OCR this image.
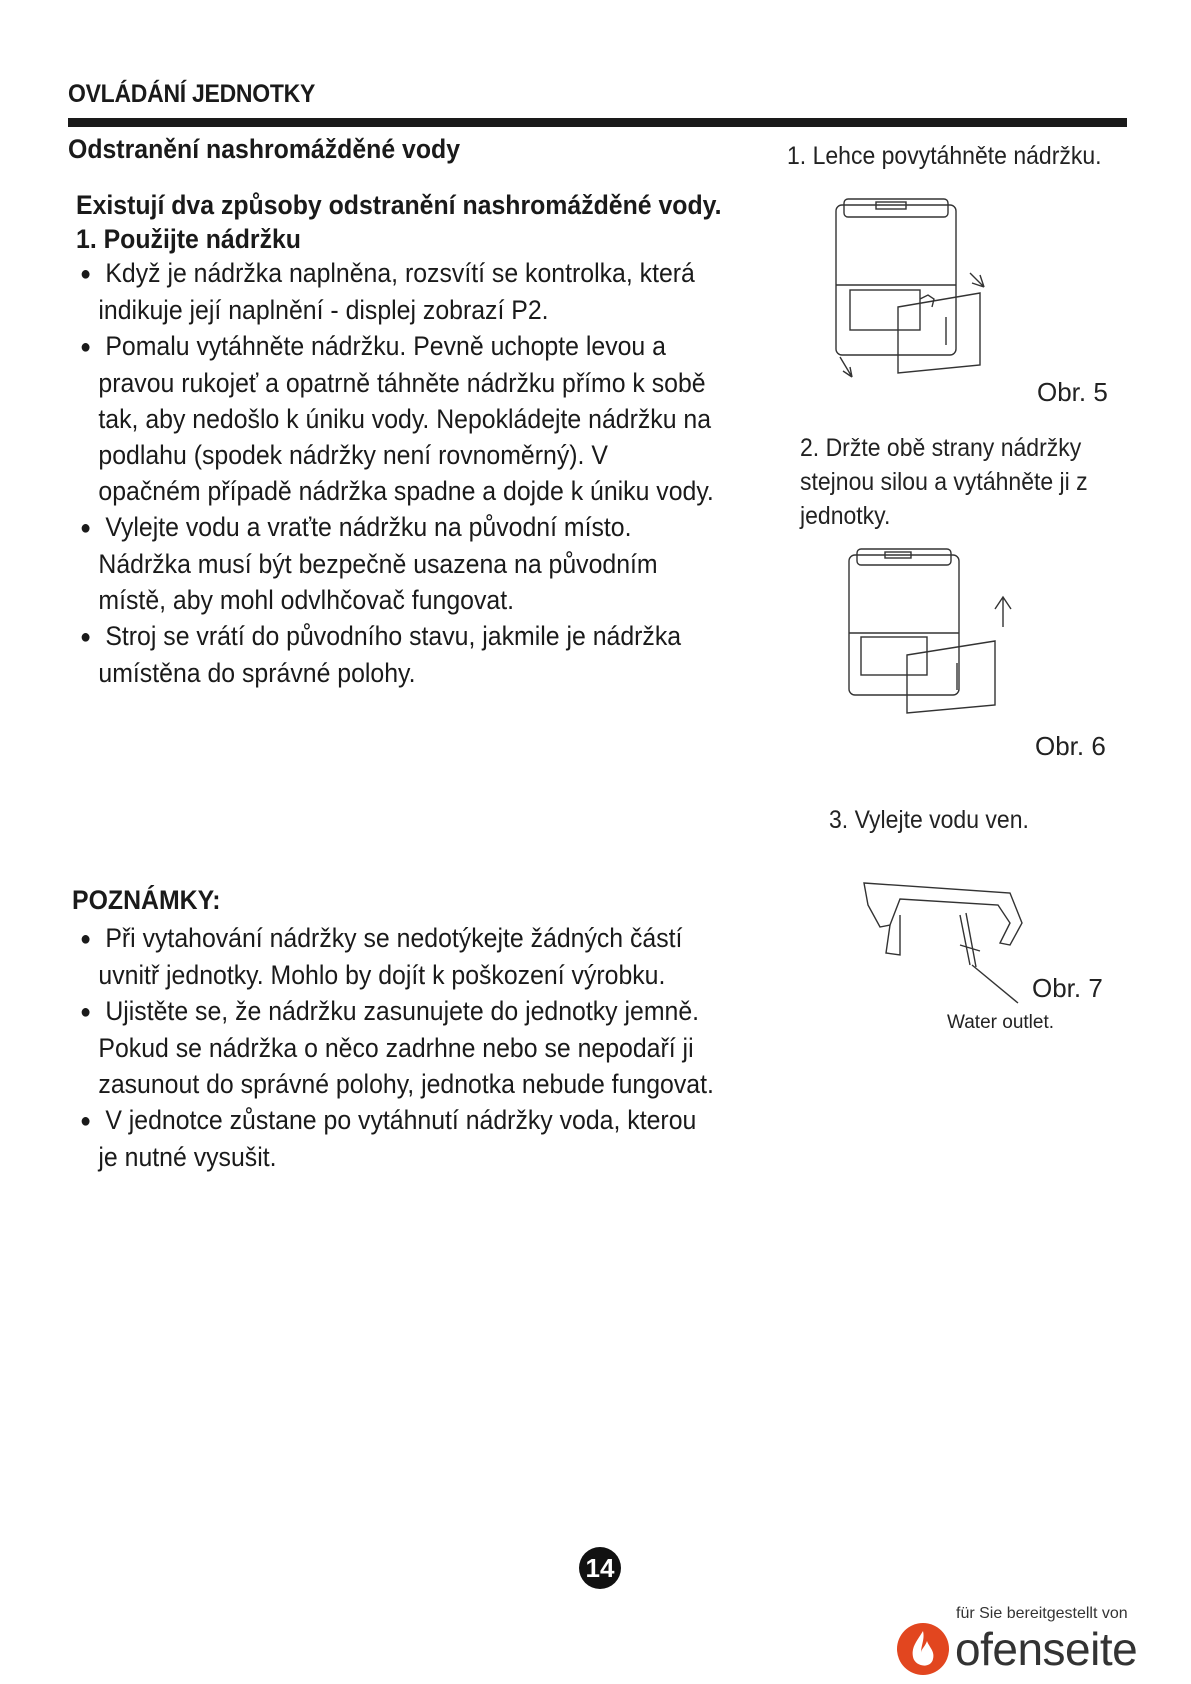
OVLÁDÁNÍ JEDNOTKY
Odstranění nashromážděné vody
Existují dva způsoby odstranění nashromážděné vody.
1. Použijte nádržku
● Když je nádržka naplněna, rozsvítí se kontrolka, která indikuje její naplnění - displej zobrazí P2.
● Pomalu vytáhněte nádržku. Pevně uchopte levou a pravou rukojeť a opatrně táhněte nádržku přímo k sobě tak, aby nedošlo k úniku vody. Nepokládejte nádržku na podlahu (spodek nádržky není rovnoměrný). V opačném případě nádržka spadne a dojde k úniku vody.
● Vylejte vodu a vraťte nádržku na původní místo. Nádržka musí být bezpečně usazena na původním místě, aby mohl odvlhčovač fungovat.
● Stroj se vrátí do původního stavu, jakmile je nádržka umístěna do správné polohy.
POZNÁMKY:
● Při vytahování nádržky se nedotýkejte žádných částí uvnitř jednotky. Mohlo by dojít k poškození výrobku.
● Ujistěte se, že nádržku zasunujete do jednotky jemně. Pokud se nádržka o něco zadrhne nebo se nepodaří ji zasunout do správné polohy, jednotka nebude fungovat.
● V jednotce zůstane po vytáhnutí nádržky voda, kterou je nutné vysušit.
1. Lehce povytáhněte nádržku.
Obr. 5
2. Držte obě strany nádržky
stejnou silou a vytáhněte ji z
jednotky.
Obr. 6
3. Vylejte vodu ven.
Obr. 7
Water outlet.
14
für Sie bereitgestellt von
ofenseite
